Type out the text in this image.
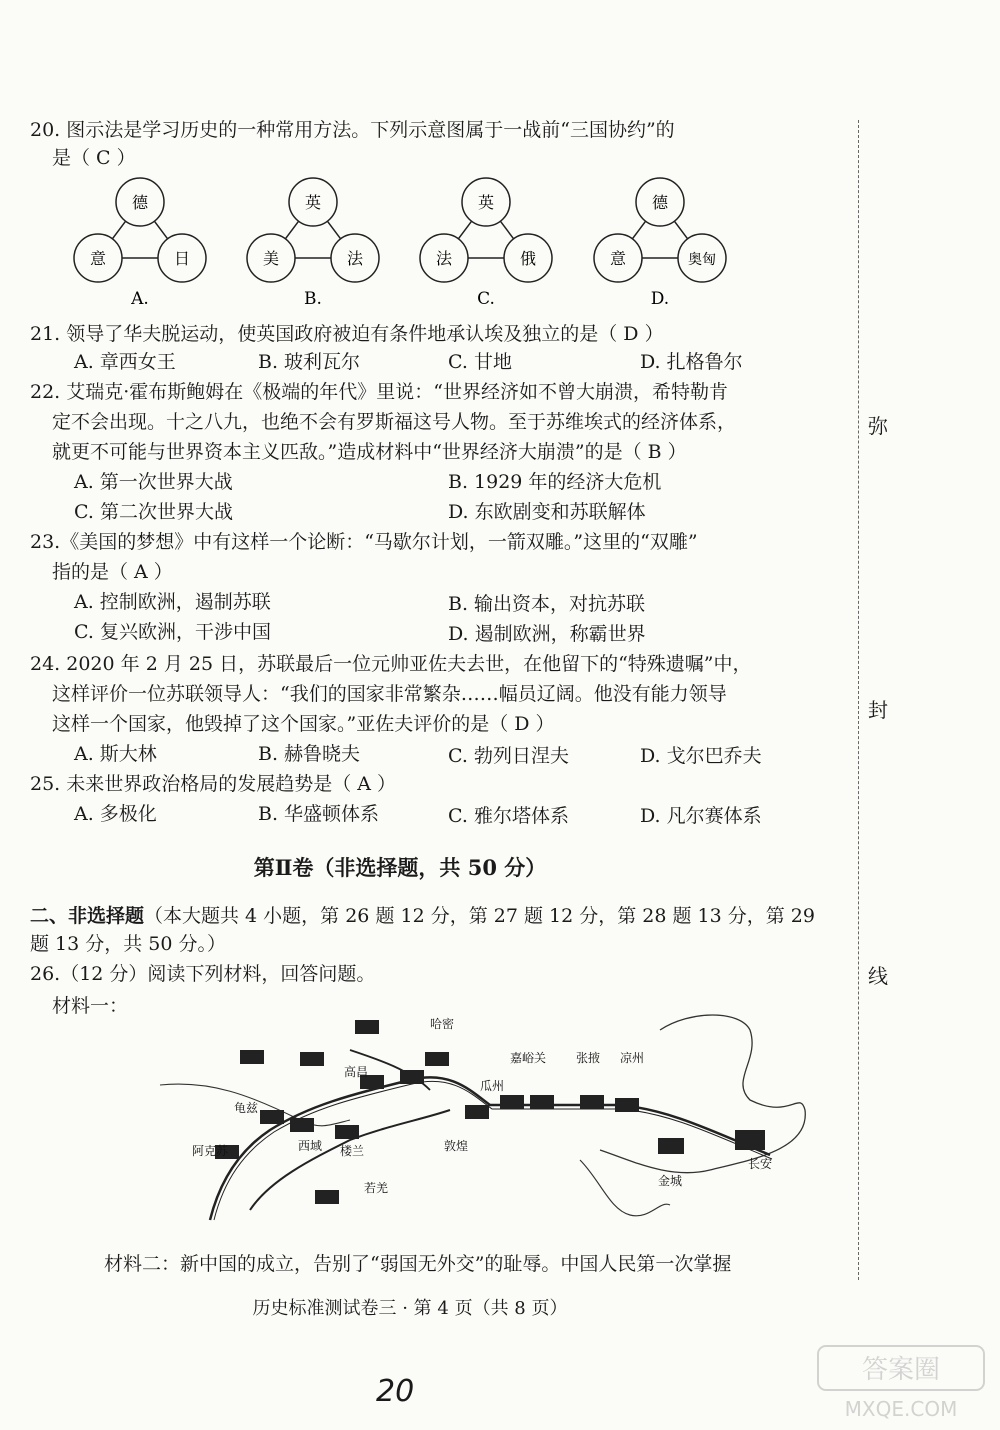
20. 图示法是学习历史的一种常用方法。下列示意图属于一战前“三国协约”的
是（ C ）
德
意	日
A.
英
美	法
B.
英
法	俄
C.
德
意	奥匈
D.
21. 领导了华夫脱运动，使英国政府被迫有条件地承认埃及独立的是（ D ）
A. 章西女王	B. 玻利瓦尔	C. 甘地	D. 扎格鲁尔
22. 艾瑞克·霍布斯鲍姆在《极端的年代》里说：“世界经济如不曾大崩溃，希特勒肯
定不会出现。十之八九，也绝不会有罗斯福这号人物。至于苏维埃式的经济体系，
就更不可能与世界资本主义匹敌。”造成材料中“世界经济大崩溃”的是（ B ）
A. 第一次世界大战	B. 1929 年的经济大危机
C. 第二次世界大战	D. 东欧剧变和苏联解体
23.《美国的梦想》中有这样一个论断：“马歇尔计划，一箭双雕。”这里的“双雕”
指的是（ A ）
A. 控制欧洲，遏制苏联	B. 输出资本，对抗苏联
C. 复兴欧洲，干涉中国	D. 遏制欧洲，称霸世界
24. 2020 年 2 月 25 日，苏联最后一位元帅亚佐夫去世，在他留下的“特殊遗嘱”中，
这样评价一位苏联领导人：“我们的国家非常繁杂……幅员辽阔。他没有能力领导
这样一个国家，他毁掉了这个国家。”亚佐夫评价的是（ D ）
A. 斯大林	B. 赫鲁晓夫	C. 勃列日涅夫	D. 戈尔巴乔夫
25. 未来世界政治格局的发展趋势是（ A ）
A. 多极化	B. 华盛顿体系	C. 雅尔塔体系	D. 凡尔赛体系
第Ⅱ卷（非选择题，共 50 分）
二、非选择题（本大题共 4 小题，第 26 题 12 分，第 27 题 12 分，第 28 题 13 分，第 29
题 13 分，共 50 分。）
26.（12 分）阅读下列材料，回答问题。
材料一：
哈密
嘉峪关 张掖 凉州
高昌
龟兹
瓜州
敦煌
楼兰
西域
阿克苏
若羌	金城
长安
材料二：新中国的成立，告别了“弱国无外交”的耻辱。中国人民第一次掌握
历史标准测试卷三 · 第 4 页（共 8 页）
弥
封
线
20
答案圈
MXQE.COM
